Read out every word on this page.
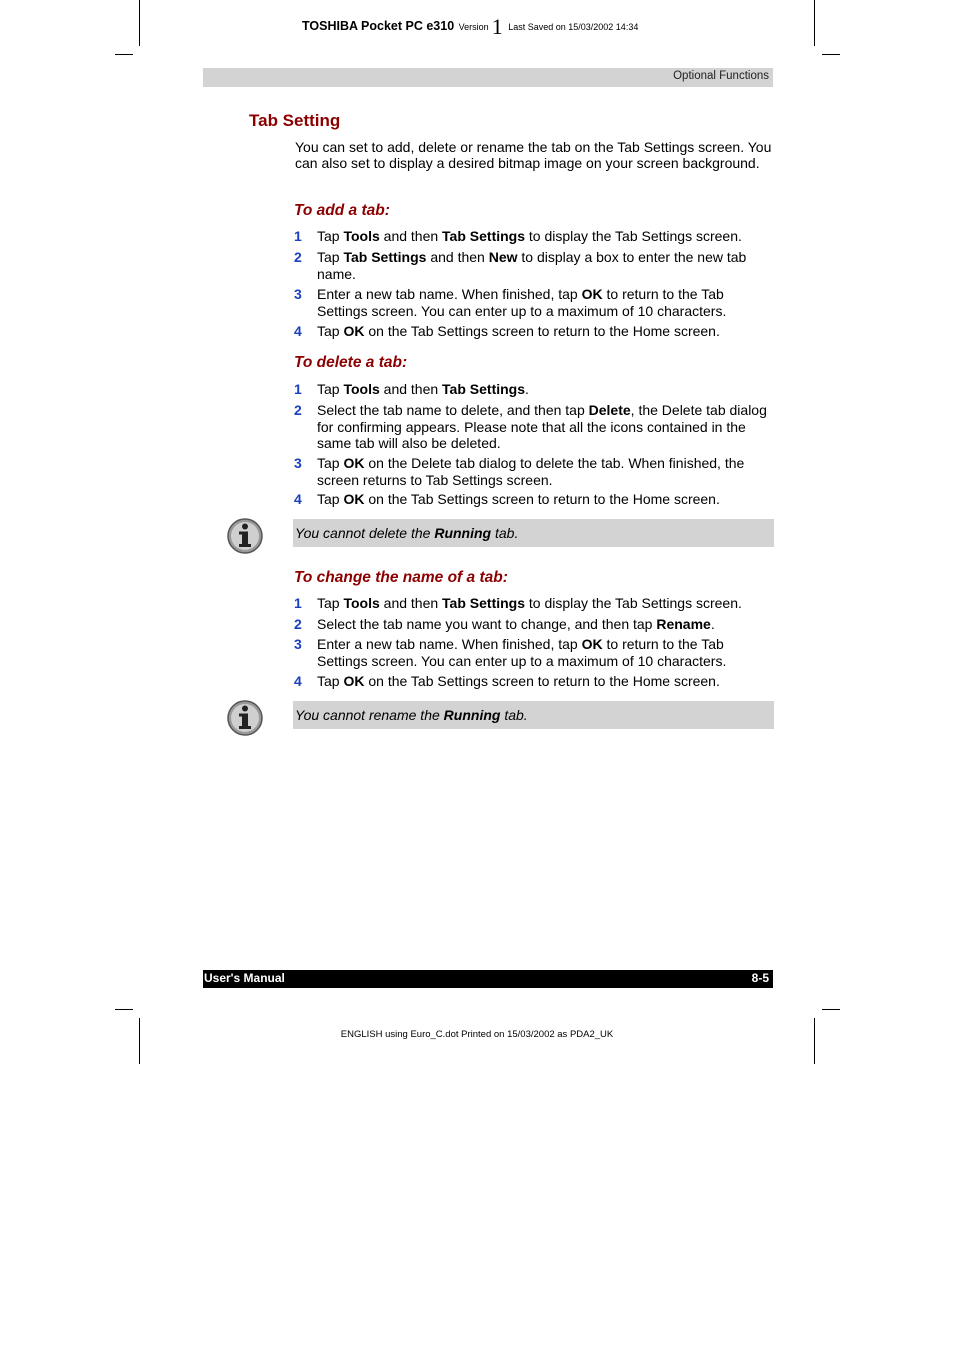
TOSHIBA Pocket PC e310 Version 1 Last Saved on 15/03/2002 14:34
Optional Functions
Tab Setting

You can set to add, delete or rename the tab on the Tab Settings screen. You can also set to display a desired bitmap image on your screen background.

To add a tab:
1 Tap Tools and then Tab Settings to display the Tab Settings screen.
2 Tap Tab Settings and then New to display a box to enter the new tab name.
3 Enter a new tab name. When finished, tap OK to return to the Tab Settings screen. You can enter up to a maximum of 10 characters.
4 Tap OK on the Tab Settings screen to return to the Home screen.
To delete a tab:
1 Tap Tools and then Tab Settings.
2 Select the tab name to delete, and then tap Delete, the Delete tab dialog for confirming appears. Please note that all the icons contained in the same tab will also be deleted.
3 Tap OK on the Delete tab dialog to delete the tab. When finished, the screen returns to Tab Settings screen.
4 Tap OK on the Tab Settings screen to return to the Home screen.
You cannot delete the Running tab.
To change the name of a tab:
1 Tap Tools and then Tab Settings to display the Tab Settings screen.
2 Select the tab name you want to change, and then tap Rename.
3 Enter a new tab name. When finished, tap OK to return to the Tab Settings screen. You can enter up to a maximum of 10 characters.
4 Tap OK on the Tab Settings screen to return to the Home screen.
You cannot rename the Running tab.
User's Manual	8-5
ENGLISH using Euro_C.dot Printed on 15/03/2002 as PDA2_UK
